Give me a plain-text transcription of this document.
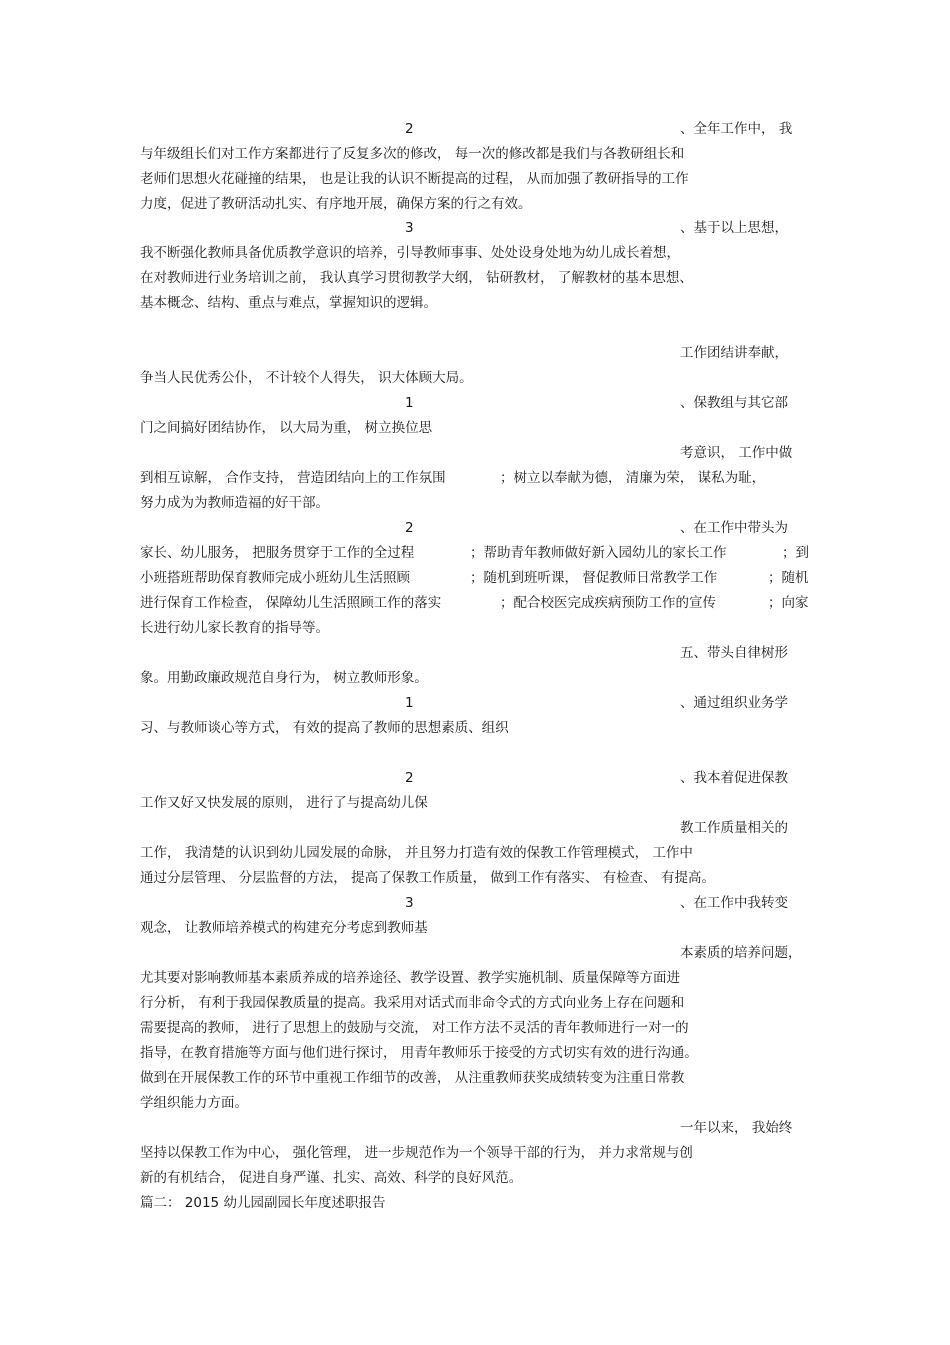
2	、全年工作中， 我
与年级组长们对工作方案都进行了反复多次的修改， 每一次的修改都是我们与各教研组长和
老师们思想火花碰撞的结果， 也是让我的认识不断提高的过程， 从而加强了教研指导的工作
力度，促进了教研活动扎实、有序地开展，确保方案的行之有效。
3	、基于以上思想，
我不断强化教师具备优质教学意识的培养，引导教师事事、处处设身处地为幼儿成长着想，
在对教师进行业务培训之前， 我认真学习贯彻教学大纲， 钻研教材， 了解教材的基本思想、
基本概念、结构、重点与难点，掌握知识的逻辑。
工作团结讲奉献，
争当人民优秀公仆， 不计较个人得失， 识大体顾大局。
1	、保教组与其它部
门之间搞好团结协作， 以大局为重， 树立换位思
考意识， 工作中做
到相互谅解， 合作支持， 营造团结向上的工作氛围	；树立以奉献为德， 清廉为荣， 谋私为耻，
努力成为为教师造福的好干部。
2	、在工作中带头为
家长、幼儿服务， 把服务贯穿于工作的全过程	；帮助青年教师做好新入园幼儿的家长工作	；到
小班搭班帮助保育教师完成小班幼儿生活照顾	；随机到班听课， 督促教师日常教学工作	；随机
进行保育工作检查， 保障幼儿生活照顾工作的落实	；配合校医完成疾病预防工作的宣传	；向家
长进行幼儿家长教育的指导等。
五、带头自律树形
象。用勤政廉政规范自身行为， 树立教师形象。
1	、通过组织业务学
习、与教师谈心等方式， 有效的提高了教师的思想素质、组织
2	、我本着促进保教
工作又好又快发展的原则， 进行了与提高幼儿保
教工作质量相关的
工作， 我清楚的认识到幼儿园发展的命脉， 并且努力打造有效的保教工作管理模式， 工作中
通过分层管理、 分层监督的方法， 提高了保教工作质量， 做到工作有落实、 有检查、 有提高。
3	、在工作中我转变
观念， 让教师培养模式的构建充分考虑到教师基
本素质的培养问题，
尤其要对影响教师基本素质养成的培养途径、教学设置、教学实施机制、质量保障等方面进
行分析， 有利于我园保教质量的提高。我采用对话式而非命令式的方式向业务上存在问题和
需要提高的教师， 进行了思想上的鼓励与交流， 对工作方法不灵活的青年教师进行一对一的
指导，在教育措施等方面与他们进行探讨， 用青年教师乐于接受的方式切实有效的进行沟通。
做到在开展保教工作的环节中重视工作细节的改善， 从注重教师获奖成绩转变为注重日常教
学组织能力方面。
一年以来， 我始终
坚持以保教工作为中心， 强化管理， 进一步规范作为一个领导干部的行为， 并力求常规与创
新的有机结合， 促进自身严谨、扎实、高效、科学的良好风范。
篇二： 2015 幼儿园副园长年度述职报告
